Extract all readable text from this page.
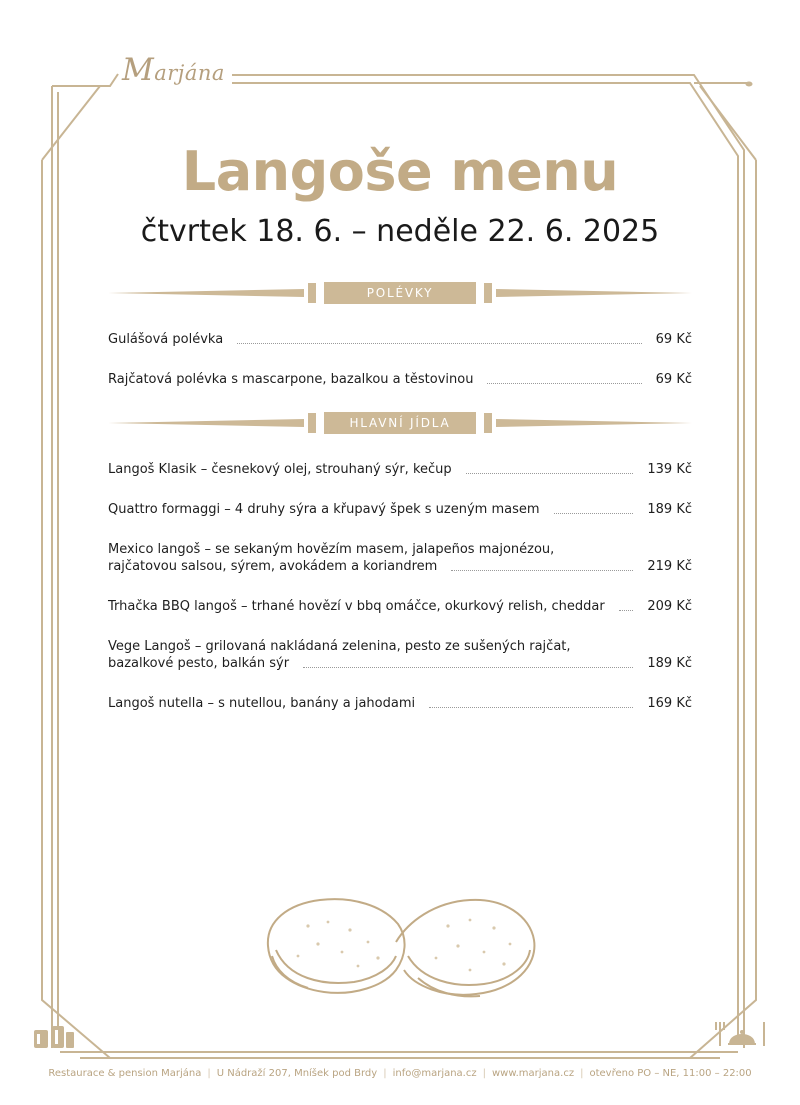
Marjána
Langoše menu
čtvrtek 18. 6. – neděle 22. 6. 2025
POLÉVKY
Gulášová polévka	69 Kč
Rajčatová polévka s mascarpone, bazalkou a těstovinou	69 Kč
HLAVNÍ JÍDLA
Langoš Klasik – česnekový olej, strouhaný sýr, kečup	139 Kč
Quattro formaggi – 4 druhy sýra a křupavý špek s uzeným masem	189 Kč
Mexico langoš – se sekaným hovězím masem, jalapeños majonézou,
rajčatovou salsou, sýrem, avokádem a koriandrem	219 Kč
Trhačka BBQ langoš – trhané hovězí v bbq omáčce, okurkový relish, cheddar	209 Kč
Vege Langoš – grilovaná nakládaná zelenina, pesto ze sušených rajčat,
bazalkové pesto, balkán sýr	189 Kč
Langoš nutella – s nutellou, banány a jahodami	169 Kč
Restaurace & pension Marjána | U Nádraží 207, Mníšek pod Brdy | info@marjana.cz | www.marjana.cz | otevřeno PO – NE, 11:00 – 22:00
